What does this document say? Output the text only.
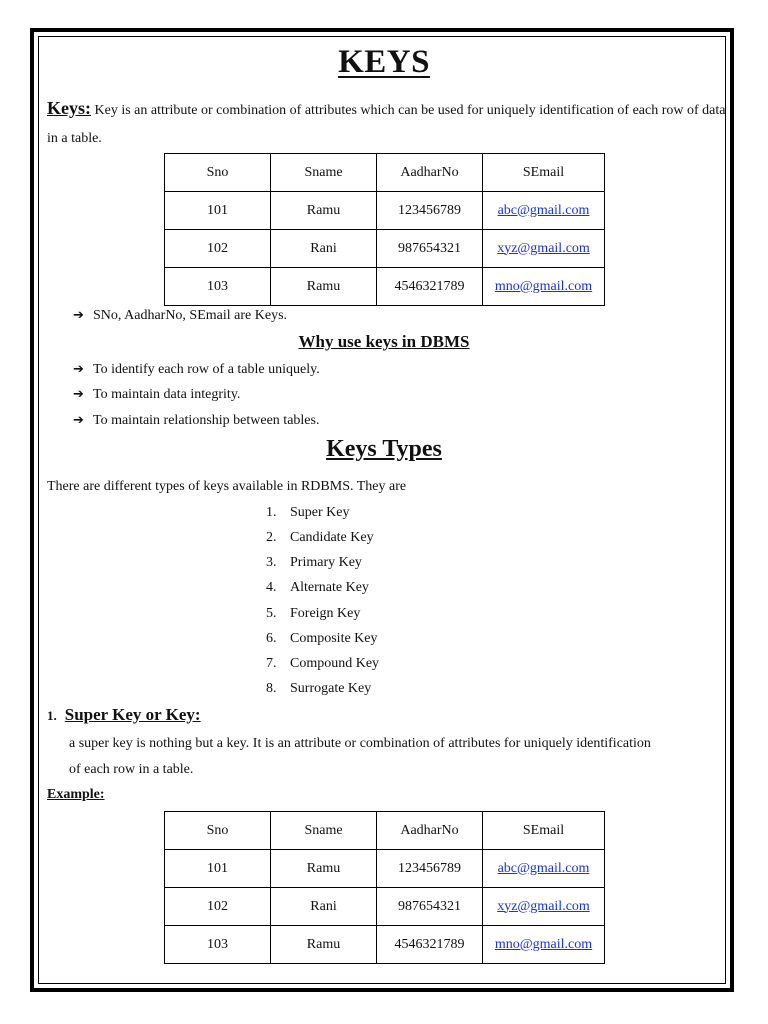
KEYS
Keys: Key is an attribute or combination of attributes which can be used for uniquely identification of each row of data in a table.
Sno	Sname	AadharNo	SEmail
101	Ramu	123456789	abc@gmail.com
102	Rani	987654321	xyz@gmail.com
103	Ramu	4546321789	mno@gmail.com
➔ SNo, AadharNo, SEmail are Keys.
Why use keys in DBMS
➔ To identify each row of a table uniquely.
➔ To maintain data integrity.
➔ To maintain relationship between tables.
Keys Types
There are different types of keys available in RDBMS. They are
1. Super Key
2. Candidate Key
3. Primary Key
4. Alternate Key
5. Foreign Key
6. Composite Key
7. Compound Key
8. Surrogate Key
1. Super Key or Key:
a super key is nothing but a key. It is an attribute or combination of attributes for uniquely identification
of each row in a table.
Example:
Sno	Sname	AadharNo	SEmail
101	Ramu	123456789	abc@gmail.com
102	Rani	987654321	xyz@gmail.com
103	Ramu	4546321789	mno@gmail.com
